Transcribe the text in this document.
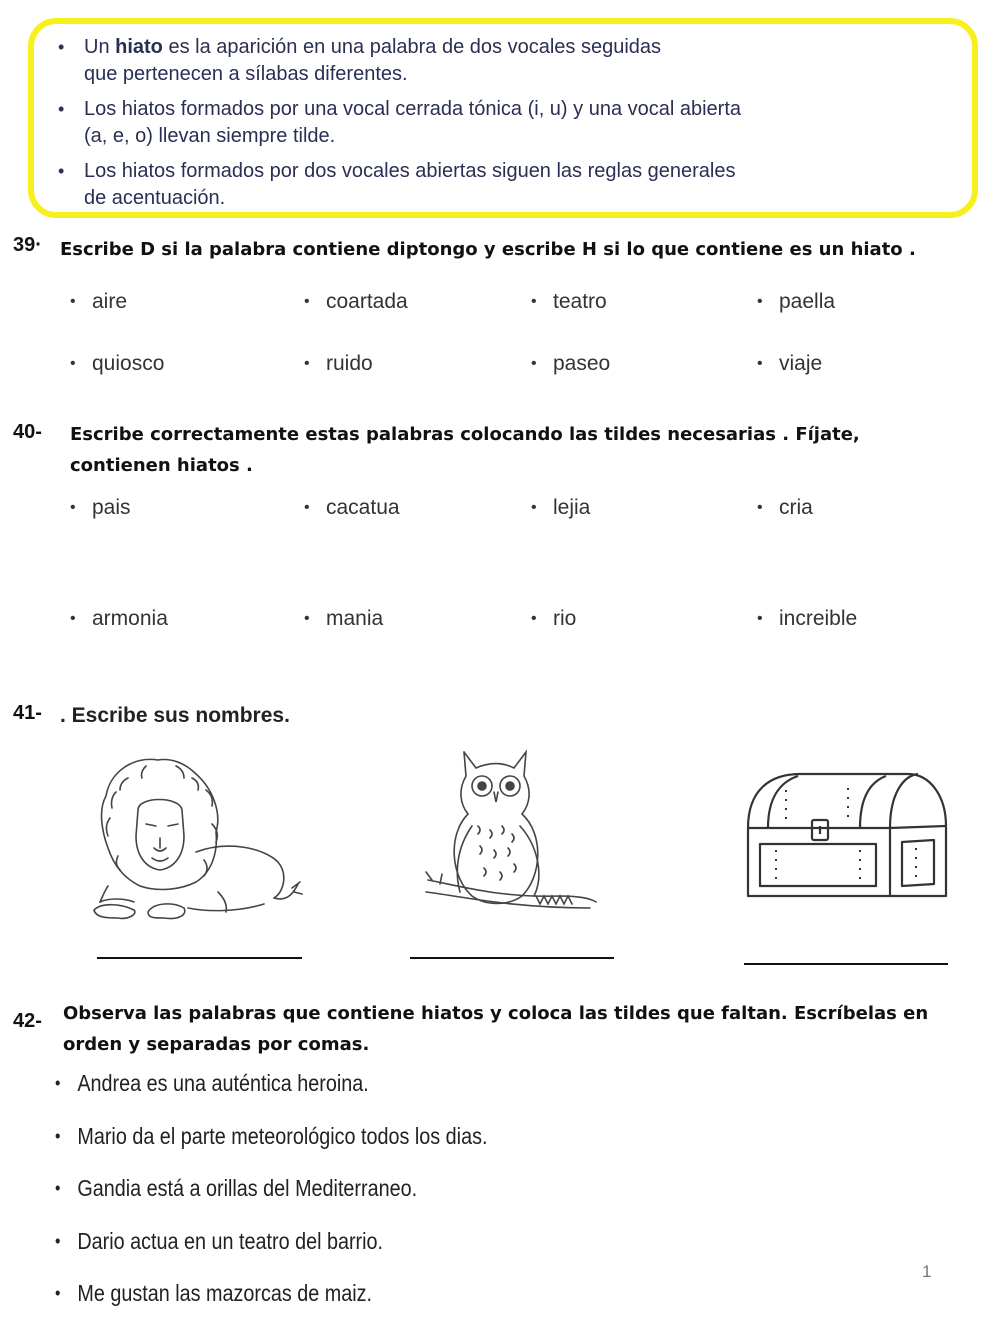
• Un hiato es la aparición en una palabra de dos vocales seguidas
que pertenecen a sílabas diferentes.
• Los hiatos formados por una vocal cerrada tónica (i, u) y una vocal abierta
(a, e, o) llevan siempre tilde.
• Los hiatos formados por dos vocales abiertas siguen las reglas generales
de acentuación.
39· Escribe D si la palabra contiene diptongo y escribe H si lo que contiene es un hiato .
• aire	• coartada	• teatro	• paella
• quiosco	• ruido	• paseo	• viaje
40- Escribe correctamente estas palabras colocando las tildes necesarias . Fíjate,
contienen hiatos .
• pais	• cacatua	• lejia	• cria
• armonia	• mania	• rio	• increible
41- . Escribe sus nombres.
42- Observa las palabras que contiene hiatos y coloca las tildes que faltan. Escríbelas en
orden y separadas por comas.
• Andrea es una auténtica heroina.
• Mario da el parte meteorológico todos los dias.
• Gandia está a orillas del Mediterraneo.
• Dario actua en un teatro del barrio.
• Me gustan las mazorcas de maiz.
1
